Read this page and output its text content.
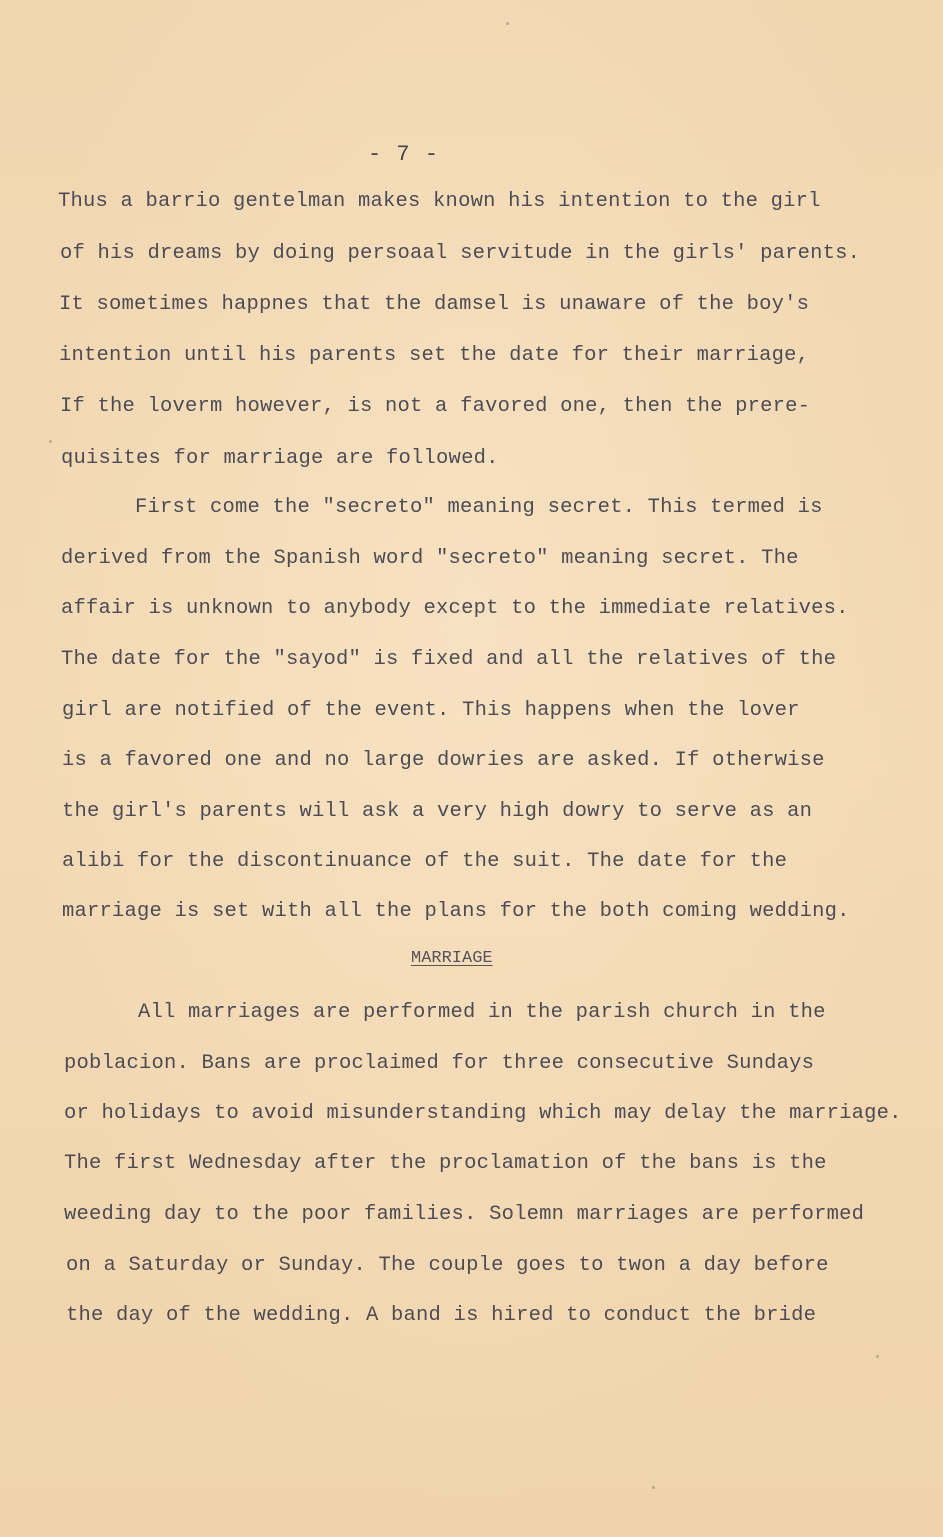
- 7 -
Thus a barrio gentelman makes known his intention to the girl
of his dreams by doing persoaal servitude in the girls' parents.
It sometimes happnes that the damsel is unaware of the boy's
intention until his parents set the date for their marriage,
If the loverm however, is not a favored one, then the prere-
quisites for marriage are followed.
First come the "secreto" meaning secret. This termed is
derived from the Spanish word "secreto" meaning secret. The
affair is unknown to anybody except to the immediate relatives.
The date for the "sayod" is fixed and all the relatives of the
girl are notified of the event. This happens when the lover
is a favored one and no large dowries are asked. If otherwise
the girl's parents will ask a very high dowry to serve as an
alibi for the discontinuance of the suit. The date for the
marriage is set with all the plans for the both coming wedding.
MARRIAGE
All marriages are performed in the parish church in the
poblacion. Bans are proclaimed for three consecutive Sundays
or holidays to avoid misunderstanding which may delay the marriage.
The first Wednesday after the proclamation of the bans is the
weeding day to the poor families. Solemn marriages are performed
on a Saturday or Sunday. The couple goes to twon a day before
the day of the wedding. A band is hired to conduct the bride
